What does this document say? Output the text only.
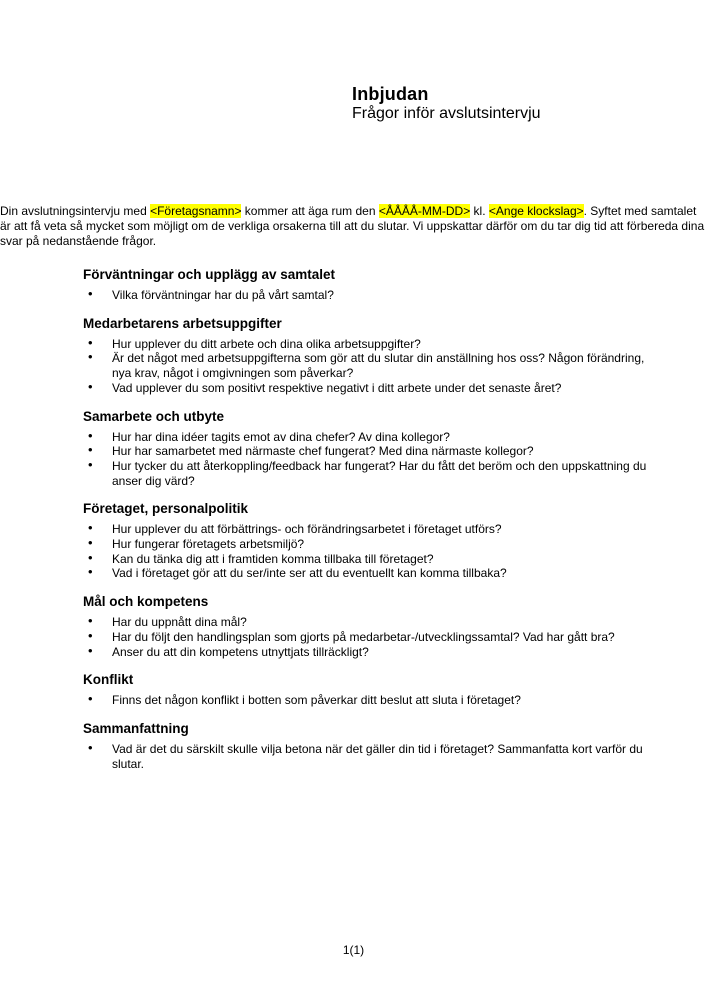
Inbjudan
Frågor inför avslutsintervju

Din avslutningsintervju med <Företagsnamn> kommer att äga rum den <ÅÅÅÅ-MM-DD> kl. <Ange klockslag>. Syftet med samtalet är att få veta så mycket som möjligt om de verkliga orsakerna till att du slutar. Vi uppskattar därför om du tar dig tid att förbereda dina svar på nedanstående frågor.

Förväntningar och upplägg av samtalet
• Vilka förväntningar har du på vårt samtal?
Medarbetarens arbetsuppgifter
• Hur upplever du ditt arbete och dina olika arbetsuppgifter?
• Är det något med arbetsuppgifterna som gör att du slutar din anställning hos oss? Någon förändring, nya krav, något i omgivningen som påverkar?
• Vad upplever du som positivt respektive negativt i ditt arbete under det senaste året?
Samarbete och utbyte
• Hur har dina idéer tagits emot av dina chefer? Av dina kollegor?
• Hur har samarbetet med närmaste chef fungerat? Med dina närmaste kollegor?
• Hur tycker du att återkoppling/feedback har fungerat? Har du fått det beröm och den uppskattning du anser dig värd?
Företaget, personalpolitik
• Hur upplever du att förbättrings- och förändringsarbetet i företaget utförs?
• Hur fungerar företagets arbetsmiljö?
• Kan du tänka dig att i framtiden komma tillbaka till företaget?
• Vad i företaget gör att du ser/inte ser att du eventuellt kan komma tillbaka?
Mål och kompetens
• Har du uppnått dina mål?
• Har du följt den handlingsplan som gjorts på medarbetar-/utvecklingssamtal? Vad har gått bra?
• Anser du att din kompetens utnyttjats tillräckligt?
Konflikt
• Finns det någon konflikt i botten som påverkar ditt beslut att sluta i företaget?
Sammanfattning
• Vad är det du särskilt skulle vilja betona när det gäller din tid i företaget? Sammanfatta kort varför du slutar.
1(1)
